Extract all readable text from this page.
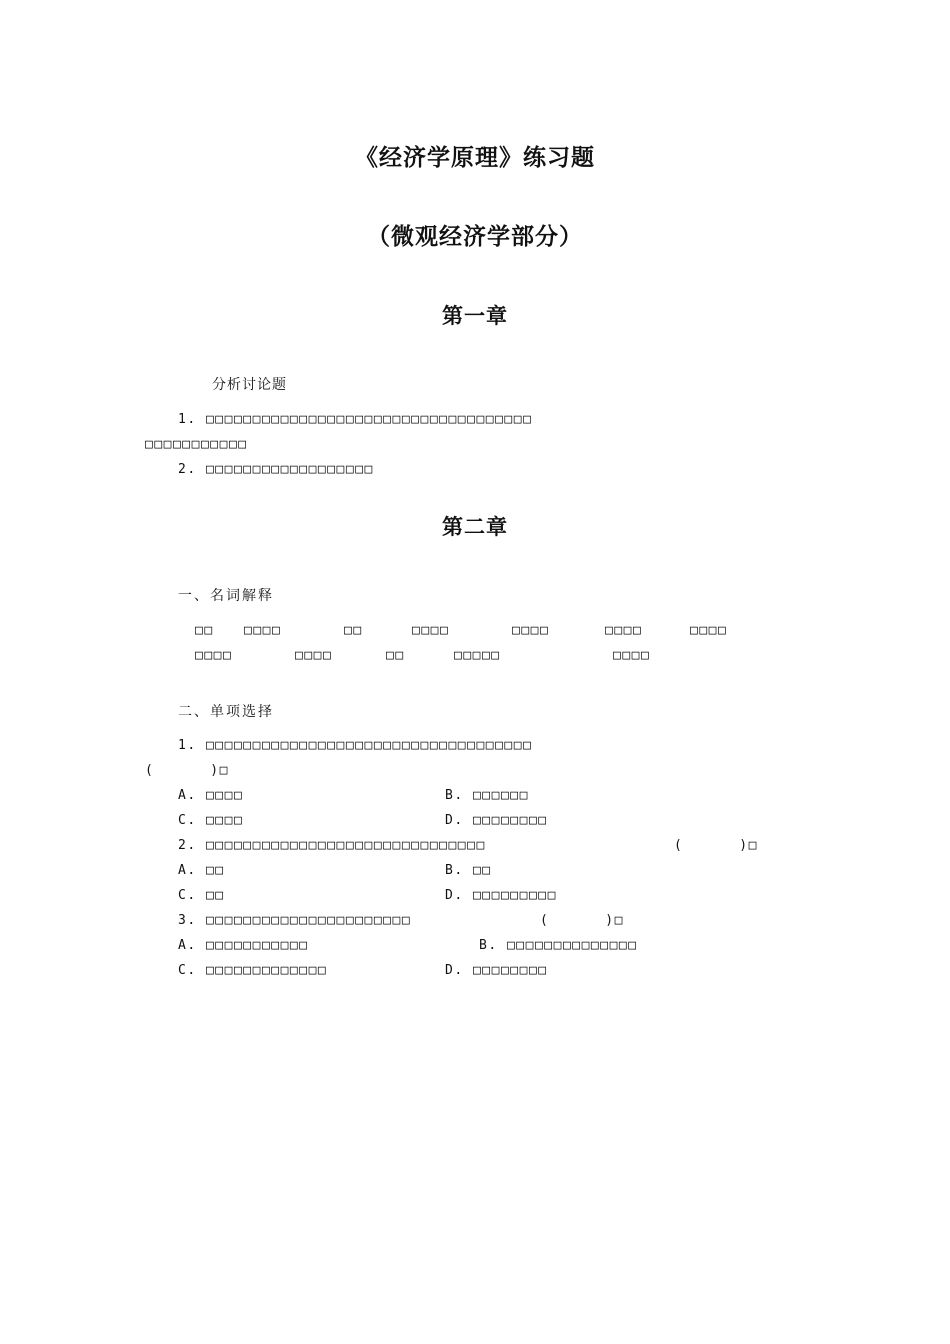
《经济学原理》练习题
（微观经济学部分）
第一章
分析讨论题
1. □□□□□□□□□□□□□□□□□□□□□□□□□□□□□□□□□□□
□□□□□□□□□□□
2. □□□□□□□□□□□□□□□□□□
第二章
一、名词解释
□□ □□□□	□□	□□□□	□□□□	□□□□	□□□□
□□□□	□□□□	□□	□□□□□	□□□□
二、单项选择
1. □□□□□□□□□□□□□□□□□□□□□□□□□□□□□□□□□□□
(      )□
A. □□□□	B. □□□□□□
C. □□□□	D. □□□□□□□□
2. □□□□□□□□□□□□□□□□□□□□□□□□□□□□□□	(      )□
A. □□	B. □□
C. □□	D. □□□□□□□□□
3. □□□□□□□□□□□□□□□□□□□□□□	(      )□
A. □□□□□□□□□□□	B. □□□□□□□□□□□□□□
C. □□□□□□□□□□□□□	D. □□□□□□□□
